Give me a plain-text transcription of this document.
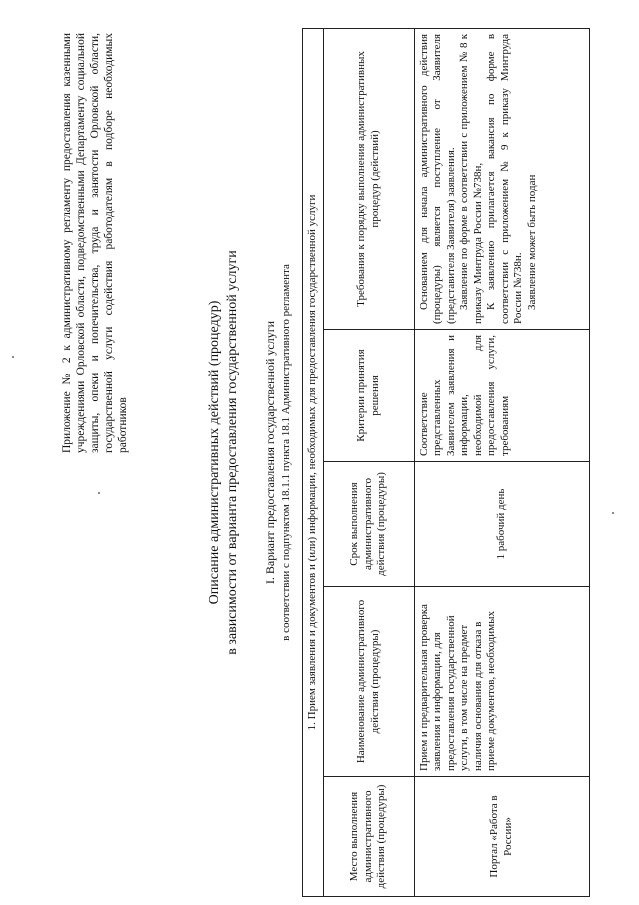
Приложение № 2 к административному регламенту предоставления казенными учреждениями Орловской области, подведомственными Департаменту социальной защиты, опеки и попечительства, труда и занятости Орловской области, государственной услуги содействия работодателям в подборе необходимых работников	Описание административных действий (процедур) в зависимости от варианта предоставления государственной услуги I. Вариант предоставления государственной услуги в соответствии с подпунктом 18.1.1 пункта 18.1 Административного регламента 1. Прием заявления и документов и (или) информации, необходимых для предоставления государственной услуги				
Место выполнения административного действия (процедуры)	Наименование административного действия (процедуры)	Срок выполнения административного действия (процедуры)	Критерии принятия решения	Требования к порядку выполнения административных процедур (действий)
Портал «Работа в России»	Прием и предварительная проверка заявления и информации, для предоставления государственной услуги, в том числе на предмет наличия основания для отказа в приеме документов, необходимых	1 рабочий день	Соответствие представленных Заявителем заявления и информации, необходимой для предоставления услуги, требованиям	Основанием для начала административного действия (процедуры) является поступление от Заявителя (представителя Заявителя) заявления. Заявление по форме в соответствии с приложением № 8 к приказу Минтруда России №738н, К заявлению прилагается вакансия по форме в соответствии с приложением № 9 к приказу Минтруда России №738н. Заявление может быть подан
